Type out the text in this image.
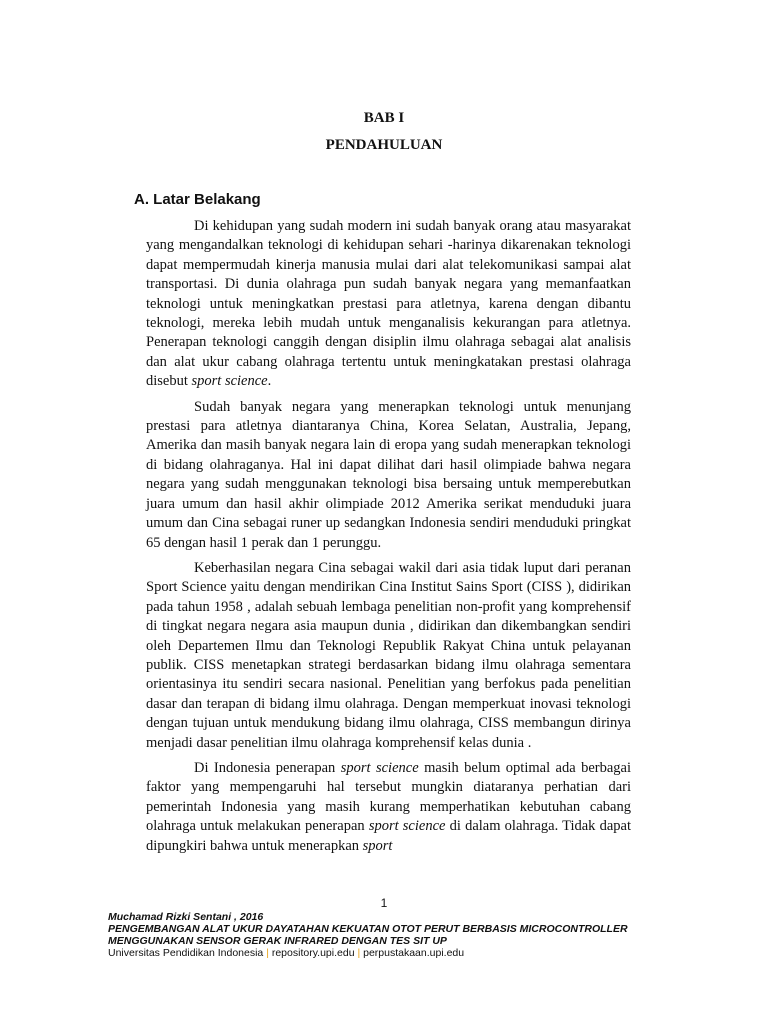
BAB I
PENDAHULUAN
A. Latar Belakang

Di kehidupan yang sudah modern ini sudah banyak orang atau masyarakat yang mengandalkan teknologi di kehidupan sehari -harinya dikarenakan teknologi dapat mempermudah kinerja manusia mulai dari alat telekomunikasi sampai alat transportasi. Di dunia olahraga pun sudah banyak negara yang memanfaatkan teknologi untuk meningkatkan prestasi para atletnya, karena dengan dibantu teknologi, mereka lebih mudah untuk menganalisis kekurangan para atletnya. Penerapan teknologi canggih dengan disiplin ilmu olahraga sebagai alat analisis dan alat ukur cabang olahraga tertentu untuk meningkatakan prestasi olahraga disebut sport science.

Sudah banyak negara yang menerapkan teknologi untuk menunjang prestasi para atletnya diantaranya China, Korea Selatan, Australia, Jepang, Amerika dan masih banyak negara lain di eropa yang sudah menerapkan teknologi di bidang olahraganya. Hal ini dapat dilihat dari hasil olimpiade bahwa negara negara yang sudah menggunakan teknologi bisa bersaing untuk memperebutkan juara umum dan hasil akhir olimpiade 2012 Amerika serikat menduduki juara umum dan Cina sebagai runer up sedangkan Indonesia sendiri menduduki pringkat 65 dengan hasil 1 perak dan 1 perunggu.

Keberhasilan negara Cina sebagai wakil dari asia tidak luput dari peranan Sport Science yaitu dengan mendirikan Cina Institut Sains Sport (CISS ), didirikan pada tahun 1958 , adalah sebuah lembaga penelitian non-profit yang komprehensif di tingkat negara negara asia maupun dunia , didirikan dan dikembangkan sendiri oleh Departemen Ilmu dan Teknologi Republik Rakyat China untuk pelayanan publik. CISS menetapkan strategi berdasarkan bidang ilmu olahraga sementara orientasinya itu sendiri secara nasional. Penelitian yang berfokus pada penelitian dasar dan terapan di bidang ilmu olahraga. Dengan memperkuat inovasi teknologi dengan tujuan untuk mendukung bidang ilmu olahraga, CISS membangun dirinya menjadi dasar penelitian ilmu olahraga komprehensif kelas dunia .

Di Indonesia penerapan sport science masih belum optimal ada berbagai faktor yang mempengaruhi hal tersebut mungkin diataranya perhatian dari pemerintah Indonesia yang masih kurang memperhatikan kebutuhan cabang olahraga untuk melakukan penerapan sport science di dalam olahraga. Tidak dapat dipungkiri bahwa untuk menerapkan sport

1
Muchamad Rizki Sentani , 2016
PENGEMBANGAN ALAT UKUR DAYATAHAN KEKUATAN OTOT PERUT BERBASIS MICROCONTROLLER
MENGGUNAKAN SENSOR GERAK INFRARED DENGAN TES SIT UP
Universitas Pendidikan Indonesia | repository.upi.edu | perpustakaan.upi.edu
